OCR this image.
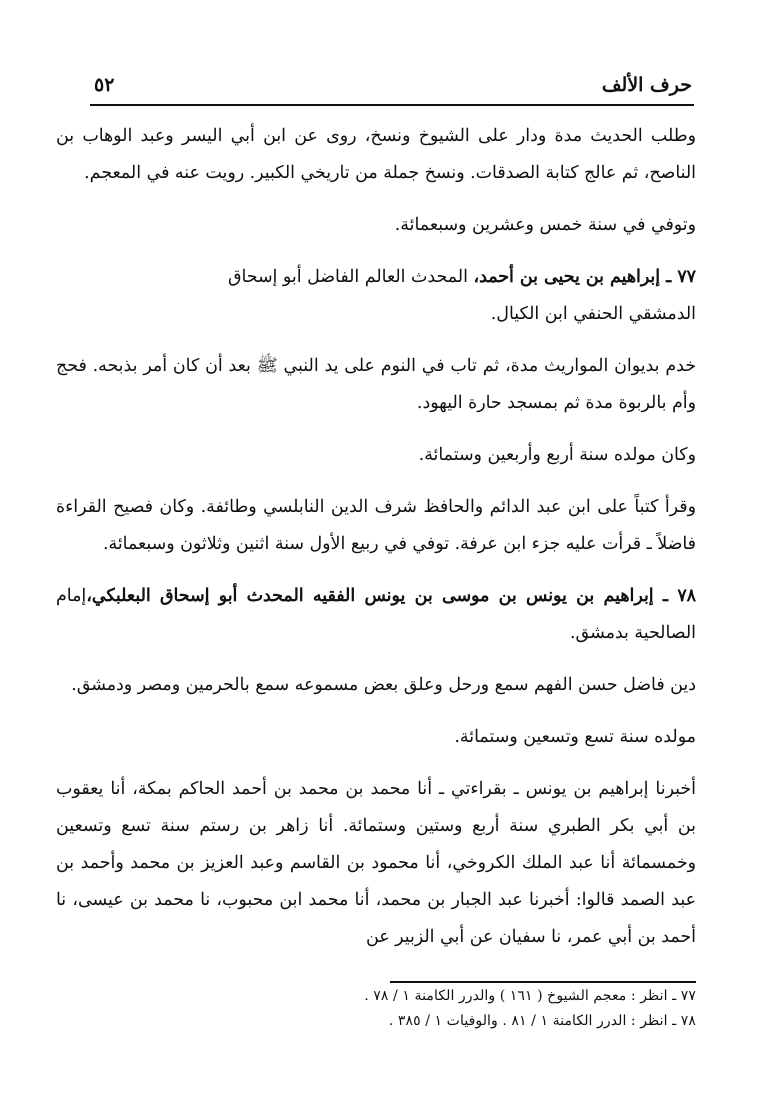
حرف الألف
٥٢

وطلب الحديث مدة ودار على الشيوخ ونسخ، روى عن ابن أبي اليسر وعبد الوهاب بن الناصح، ثم عالج كتابة الصدقات. ونسخ جملة من تاريخي الكبير. رويت عنه في المعجم.

وتوفي في سنة خمس وعشرين وسبعمائة.

٧٧ ـ إبراهيم بن يحيى بن أحمد، المحدث العالم الفاضل أبو إسحاق

الدمشقي الحنفي ابن الكيال.

خدم بديوان المواريث مدة، ثم تاب في النوم على يد النبي ﷺ بعد أن كان أمر بذبحه. فحج وأم بالربوة مدة ثم بمسجد حارة اليهود.

وكان مولده سنة أربع وأربعين وستمائة.

وقرأ كتباً على ابن عبد الدائم والحافظ شرف الدين النابلسي وطائفة. وكان فصيح القراءة فاضلاً ـ قرأت عليه جزء ابن عرفة. توفي في ربيع الأول سنة اثنين وثلاثون وسبعمائة.

٧٨ ـ إبراهيم بن يونس بن موسى بن يونس الفقيه المحدث أبو إسحاق البعلبكي،إمام الصالحية بدمشق.

دين فاضل حسن الفهم سمع ورحل وعلق بعض مسموعه سمع بالحرمين ومصر ودمشق.

مولده سنة تسع وتسعين وستمائة.

أخبرنا إبراهيم بن يونس ـ بقراءتي ـ أنا محمد بن محمد بن أحمد الحاكم بمكة، أنا يعقوب بن أبي بكر الطبري سنة أربع وستين وستمائة. أنا زاهر بن رستم سنة تسع وتسعين وخمسمائة أنا عبد الملك الكروخي، أنا محمود بن القاسم وعبد العزيز بن محمد وأحمد بن عبد الصمد قالوا: أخبرنا عبد الجبار بن محمد، أنا محمد ابن محبوب، نا محمد بن عيسى، نا أحمد بن أبي عمر، نا سفيان عن أبي الزبير عن

٧٧ ـ انظر : معجم الشيوخ ( ١٦١ ) والدرر الكامنة ١ / ٧٨ .

٧٨ ـ انظر : الدرر الكامنة ١ / ٨١ . والوفيات ١ / ٣٨٥ .
